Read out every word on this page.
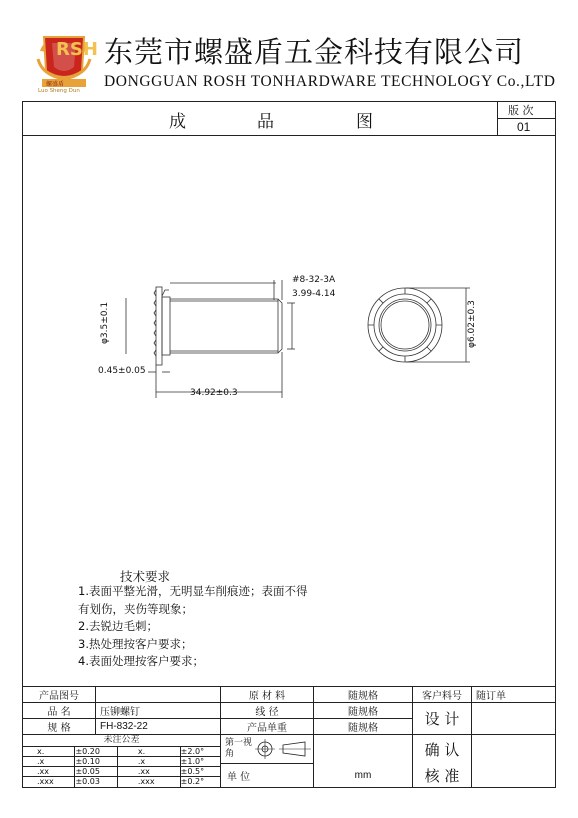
RSH
螺盛盾
Luo Sheng Dun
东莞市螺盛盾五金科技有限公司
DONGGUAN ROSH TONHARDWARE TECHNOLOGY Co.,LTD
成	品	图
版 次
01
#8-32-3A
3.99-4.14
φ3.5±0.1
0.45±0.05
34.92±0.3
φ6.02±0.3
技术要求
1.表面平整光滑，无明显车削痕迹；表面不得
有划伤，夹伤等现象；
2.去锐边毛刺；
3.热处理按客户要求；
4.表面处理按客户要求；
产品图号		原 材 料	随规格	客户料号	随订单
品 名	压铆螺钉	线 径	随规格	设 计	
规 格	FH-832-22	产品单重	随规格

未注公差
x.	±0.20	x.	±2.0°
.x	±0.10	.x	±1.0°
.xx	±0.05	.xx	±0.5°
.xxx	±0.03	.xxx	±0.2°

第一视角
单 位	mm

确 认
核 准
